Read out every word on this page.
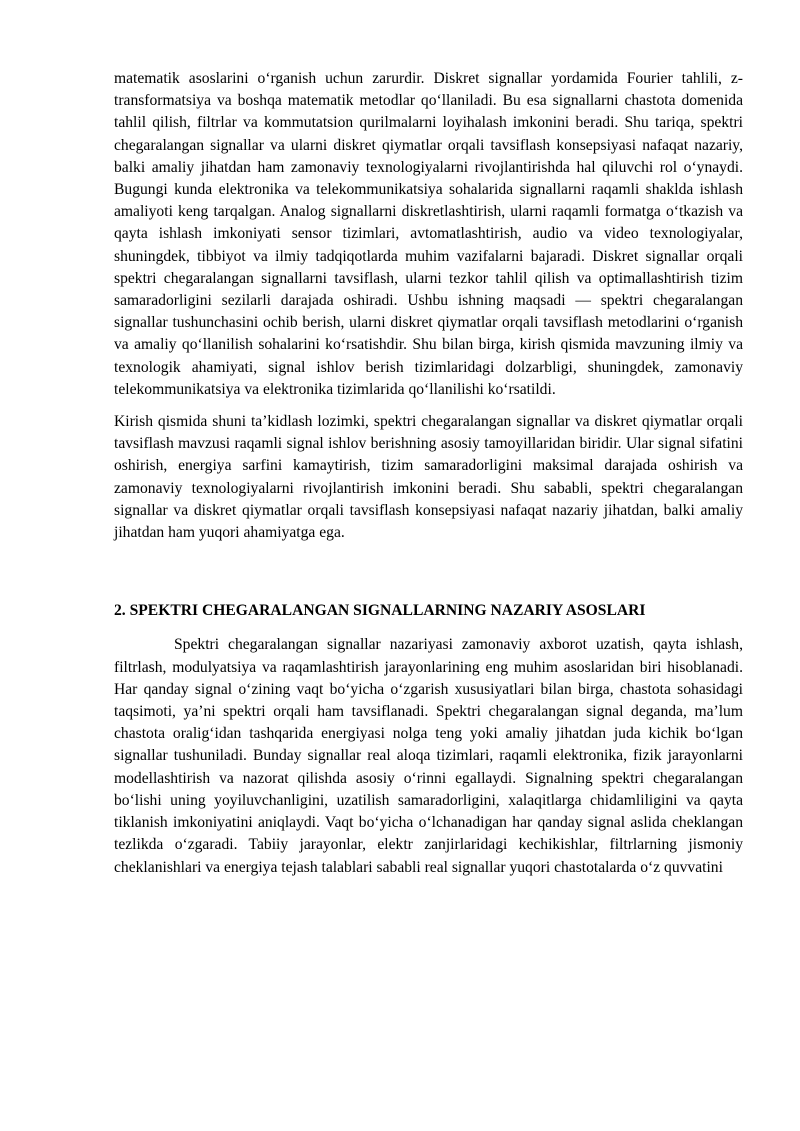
matematik asoslarini o‘rganish uchun zarurdir. Diskret signallar yordamida Fourier tahlili, z-transformatsiya va boshqa matematik metodlar qo‘llaniladi. Bu esa signallarni chastota domenida tahlil qilish, filtrlar va kommutatsion qurilmalarni loyihalash imkonini beradi. Shu tariqa, spektri chegaralangan signallar va ularni diskret qiymatlar orqali tavsiflash konsepsiyasi nafaqat nazariy, balki amaliy jihatdan ham zamonaviy texnologiyalarni rivojlantirishda hal qiluvchi rol o‘ynaydi. Bugungi kunda elektronika va telekommunikatsiya sohalarida signallarni raqamli shaklda ishlash amaliyoti keng tarqalgan. Analog signallarni diskretlashtirish, ularni raqamli formatga o‘tkazish va qayta ishlash imkoniyati sensor tizimlari, avtomatlashtirish, audio va video texnologiyalar, shuningdek, tibbiyot va ilmiy tadqiqotlarda muhim vazifalarni bajaradi. Diskret signallar orqali spektri chegaralangan signallarni tavsiflash, ularni tezkor tahlil qilish va optimallashtirish tizim samaradorligini sezilarli darajada oshiradi. Ushbu ishning maqsadi — spektri chegaralangan signallar tushunchasini ochib berish, ularni diskret qiymatlar orqali tavsiflash metodlarini o‘rganish va amaliy qo‘llanilish sohalarini ko‘rsatishdir. Shu bilan birga, kirish qismida mavzuning ilmiy va texnologik ahamiyati, signal ishlov berish tizimlaridagi dolzarbligi, shuningdek, zamonaviy telekommunikatsiya va elektronika tizimlarida qo‘llanilishi ko‘rsatildi.

Kirish qismida shuni ta’kidlash lozimki, spektri chegaralangan signallar va diskret qiymatlar orqali tavsiflash mavzusi raqamli signal ishlov berishning asosiy tamoyillaridan biridir. Ular signal sifatini oshirish, energiya sarfini kamaytirish, tizim samaradorligini maksimal darajada oshirish va zamonaviy texnologiyalarni rivojlantirish imkonini beradi. Shu sababli, spektri chegaralangan signallar va diskret qiymatlar orqali tavsiflash konsepsiyasi nafaqat nazariy jihatdan, balki amaliy jihatdan ham yuqori ahamiyatga ega.

2. SPEKTRI CHEGARALANGAN SIGNALLARNING NAZARIY ASOSLARI

Spektri chegaralangan signallar nazariyasi zamonaviy axborot uzatish, qayta ishlash, filtrlash, modulyatsiya va raqamlashtirish jarayonlarining eng muhim asoslaridan biri hisoblanadi. Har qanday signal o‘zining vaqt bo‘yicha o‘zgarish xususiyatlari bilan birga, chastota sohasidagi taqsimoti, ya’ni spektri orqali ham tavsiflanadi. Spektri chegaralangan signal deganda, ma’lum chastota oralig‘idan tashqarida energiyasi nolga teng yoki amaliy jihatdan juda kichik bo‘lgan signallar tushuniladi. Bunday signallar real aloqa tizimlari, raqamli elektronika, fizik jarayonlarni modellashtirish va nazorat qilishda asosiy o‘rinni egallaydi. Signalning spektri chegaralangan bo‘lishi uning yoyiluvchanligini, uzatilish samaradorligini, xalaqitlarga chidamliligini va qayta tiklanish imkoniyatini aniqlaydi. Vaqt bo‘yicha o‘lchanadigan har qanday signal aslida cheklangan tezlikda o‘zgaradi. Tabiiy jarayonlar, elektr zanjirlaridagi kechikishlar, filtrlarning jismoniy cheklanishlari va energiya tejash talablari sababli real signallar yuqori chastotalarda o‘z quvvatini
